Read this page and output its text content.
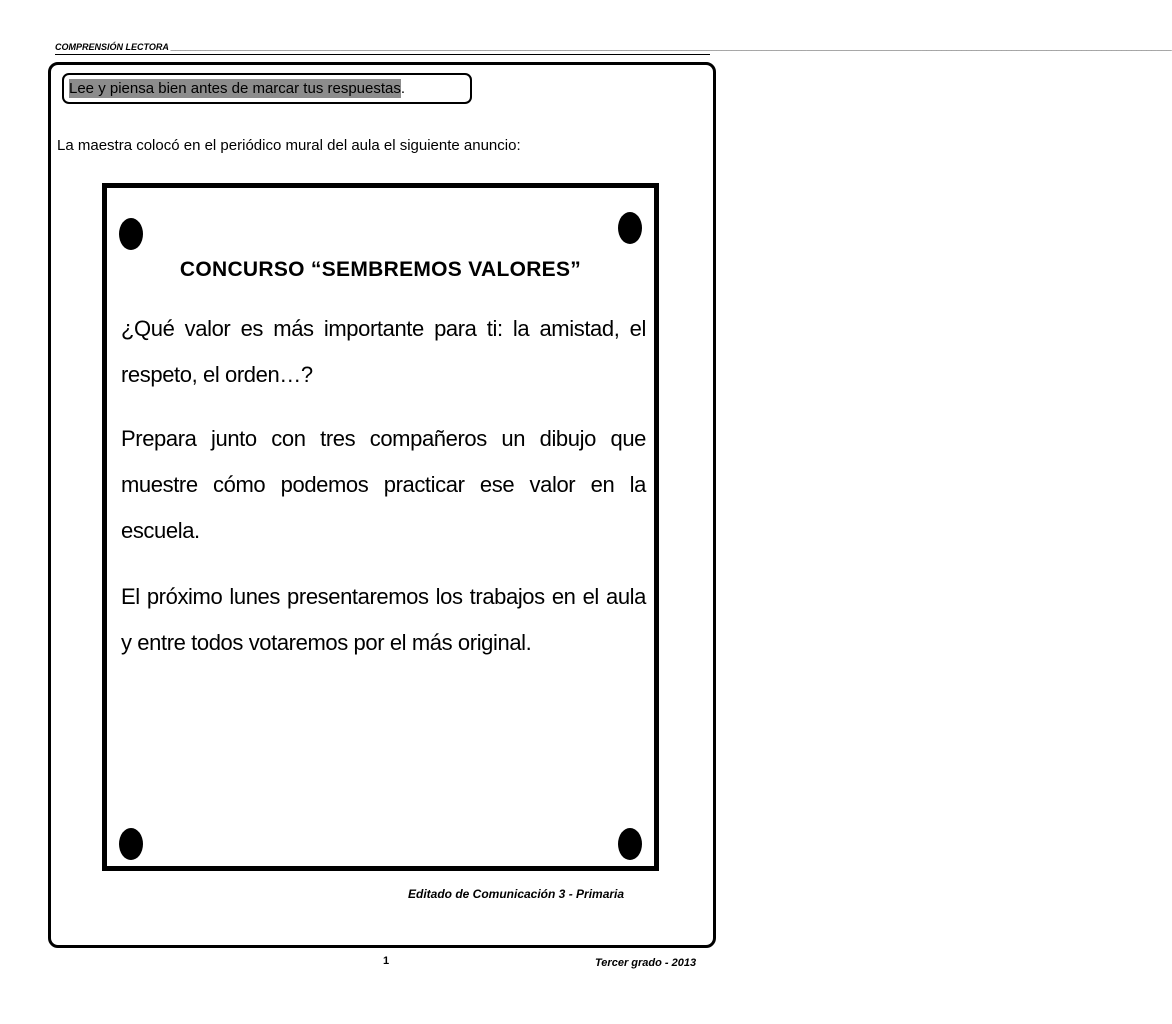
COMPRENSIÓN LECTORA ________________________________________________________________________________________________________________________________________________________________________________________________________
Lee y piensa bien antes de marcar tus respuestas .
La maestra colocó en el periódico mural del aula el siguiente anuncio:
CONCURSO “SEMBREMOS VALORES”
¿Qué valor es más importante para ti: la amistad, el respeto, el orden…?
Prepara junto con tres compañeros un dibujo que muestre cómo podemos practicar ese valor en la escuela.
El próximo lunes presentaremos los trabajos en el aula y entre todos votaremos por el más original.
Editado de Comunicación 3 - Primaria
1	Tercer grado - 2013
